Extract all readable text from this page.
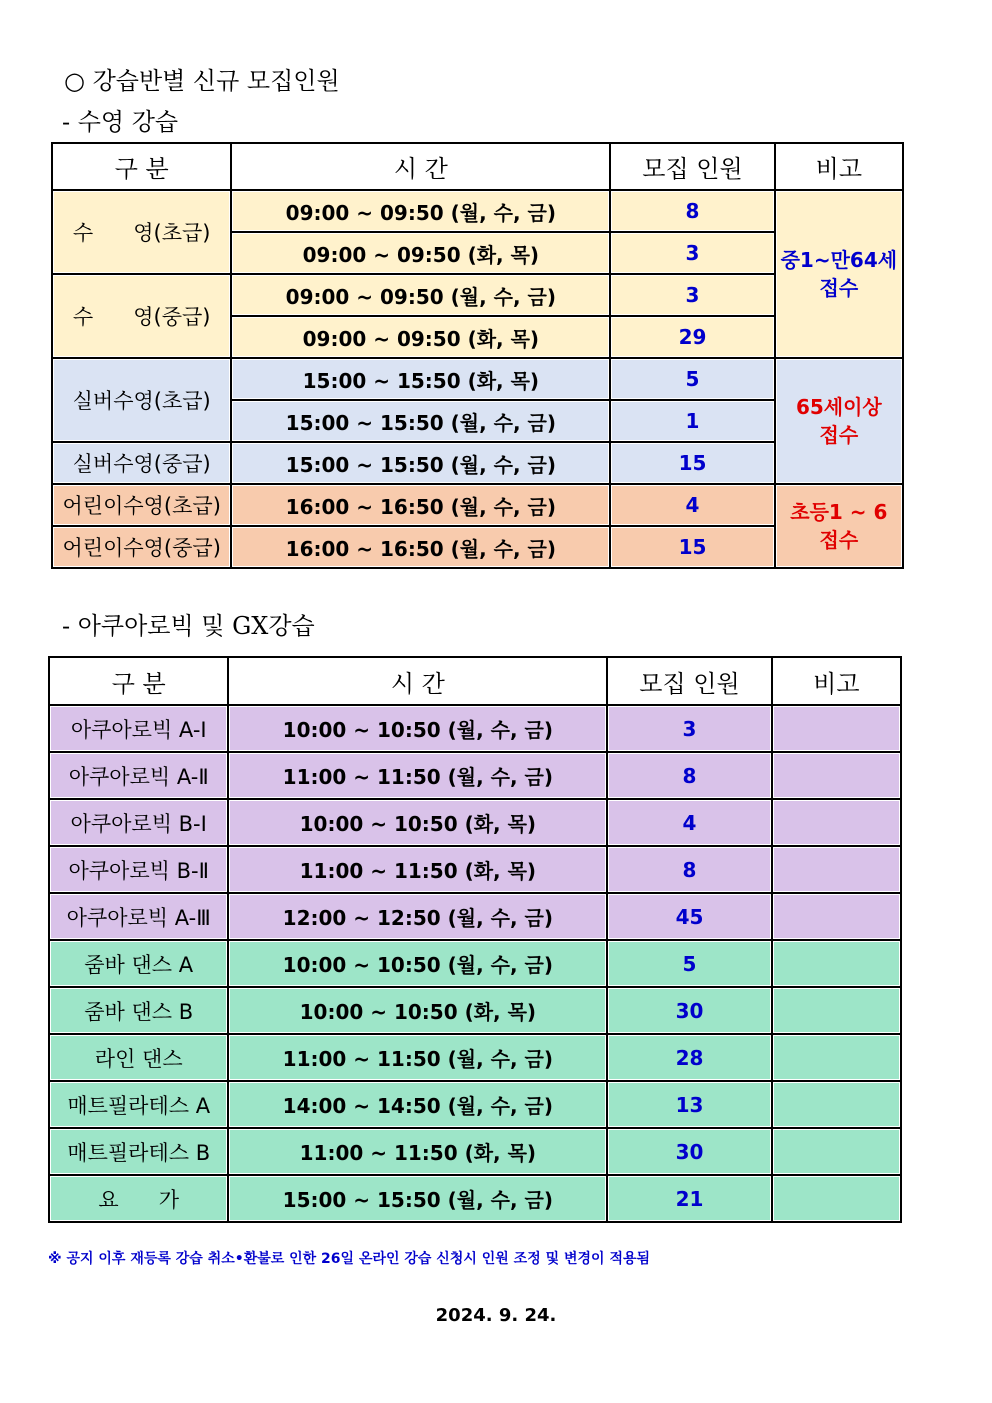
○ 강습반별 신규 모집인원
- 수영 강습
구 분	시 간	모집 인원	비고
수      영(초급)	09:00 ~ 09:50 (월, 수, 금)	8	중1~만64세
접수

	09:00 ~ 09:50 (화, 목)	3	
수      영(중급)	09:00 ~ 09:50 (월, 수, 금)	3	
	09:00 ~ 09:50 (화, 목)	29	
실버수영(초급)	15:00 ~ 15:50 (화, 목)	5	65세이상
접수

	15:00 ~ 15:50 (월, 수, 금)	1	
실버수영(중급)	15:00 ~ 15:50 (월, 수, 금)	15	
어린이수영(초급)	16:00 ~ 16:50 (월, 수, 금)	4	초등1 ~ 6
접수

어린이수영(중급)	16:00 ~ 16:50 (월, 수, 금)	15	
- 아쿠아로빅 및 GX강습
구 분	시 간	모집 인원	비고
아쿠아로빅 A-Ⅰ	10:00 ~ 10:50 (월, 수, 금)	3	
아쿠아로빅 A-Ⅱ	11:00 ~ 11:50 (월, 수, 금)	8	
아쿠아로빅 B-Ⅰ	10:00 ~ 10:50 (화, 목)	4	
아쿠아로빅 B-Ⅱ	11:00 ~ 11:50 (화, 목)	8	
아쿠아로빅 A-Ⅲ	12:00 ~ 12:50 (월, 수, 금)	45	
줌바 댄스 A	10:00 ~ 10:50 (월, 수, 금)	5	
줌바 댄스 B	10:00 ~ 10:50 (화, 목)	30	
라인 댄스	11:00 ~ 11:50 (월, 수, 금)	28	
매트필라테스 A	14:00 ~ 14:50 (월, 수, 금)	13	
매트필라테스 B	11:00 ~ 11:50 (화, 목)	30	
요      가	15:00 ~ 15:50 (월, 수, 금)	21	
※ 공지 이후 재등록 강습 취소•환불로 인한 26일 온라인 강습 신청시 인원 조정 및 변경이 적용됨
2024. 9. 24.
